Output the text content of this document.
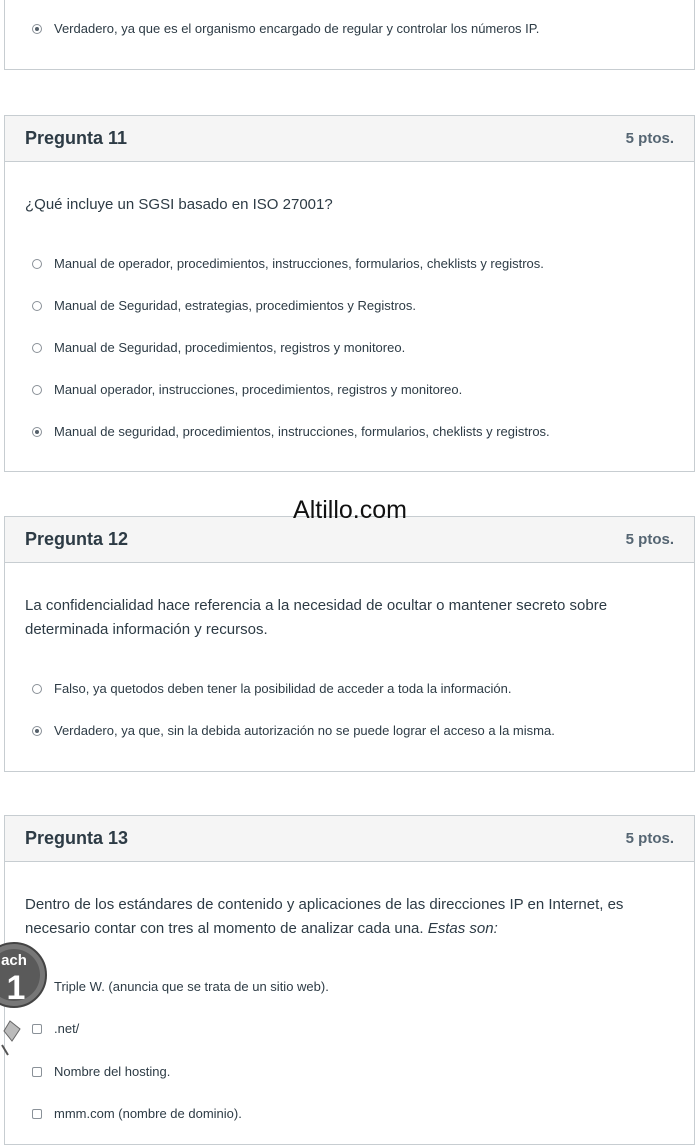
Verdadero, ya que es el organismo encargado de regular y controlar los números IP.
Pregunta 11	5 ptos.
¿Qué incluye un SGSI basado en ISO 27001?
Manual de operador, procedimientos, instrucciones, formularios, cheklists y registros.
Manual de Seguridad, estrategias, procedimientos y Registros.
Manual de Seguridad, procedimientos, registros y monitoreo.
Manual operador, instrucciones, procedimientos, registros y monitoreo.
Manual de seguridad, procedimientos, instrucciones, formularios, cheklists y registros.
Pregunta 12	5 ptos.
La confidencialidad hace referencia a la necesidad de ocultar o mantener secreto sobre determinada información y recursos.
Falso, ya quetodos deben tener la posibilidad de acceder a toda la información.
Verdadero, ya que, sin la debida autorización no se puede lograr el acceso a la misma.
Altillo.com
Pregunta 13	5 ptos.
Dentro de los estándares de contenido y aplicaciones de las direcciones IP en Internet, es necesario contar con tres al momento de analizar cada una. Estas son:
Triple W. (anuncia que se trata de un sitio web).
.net/
Nombre del hosting.
mmm.com (nombre de dominio).
ach
1
